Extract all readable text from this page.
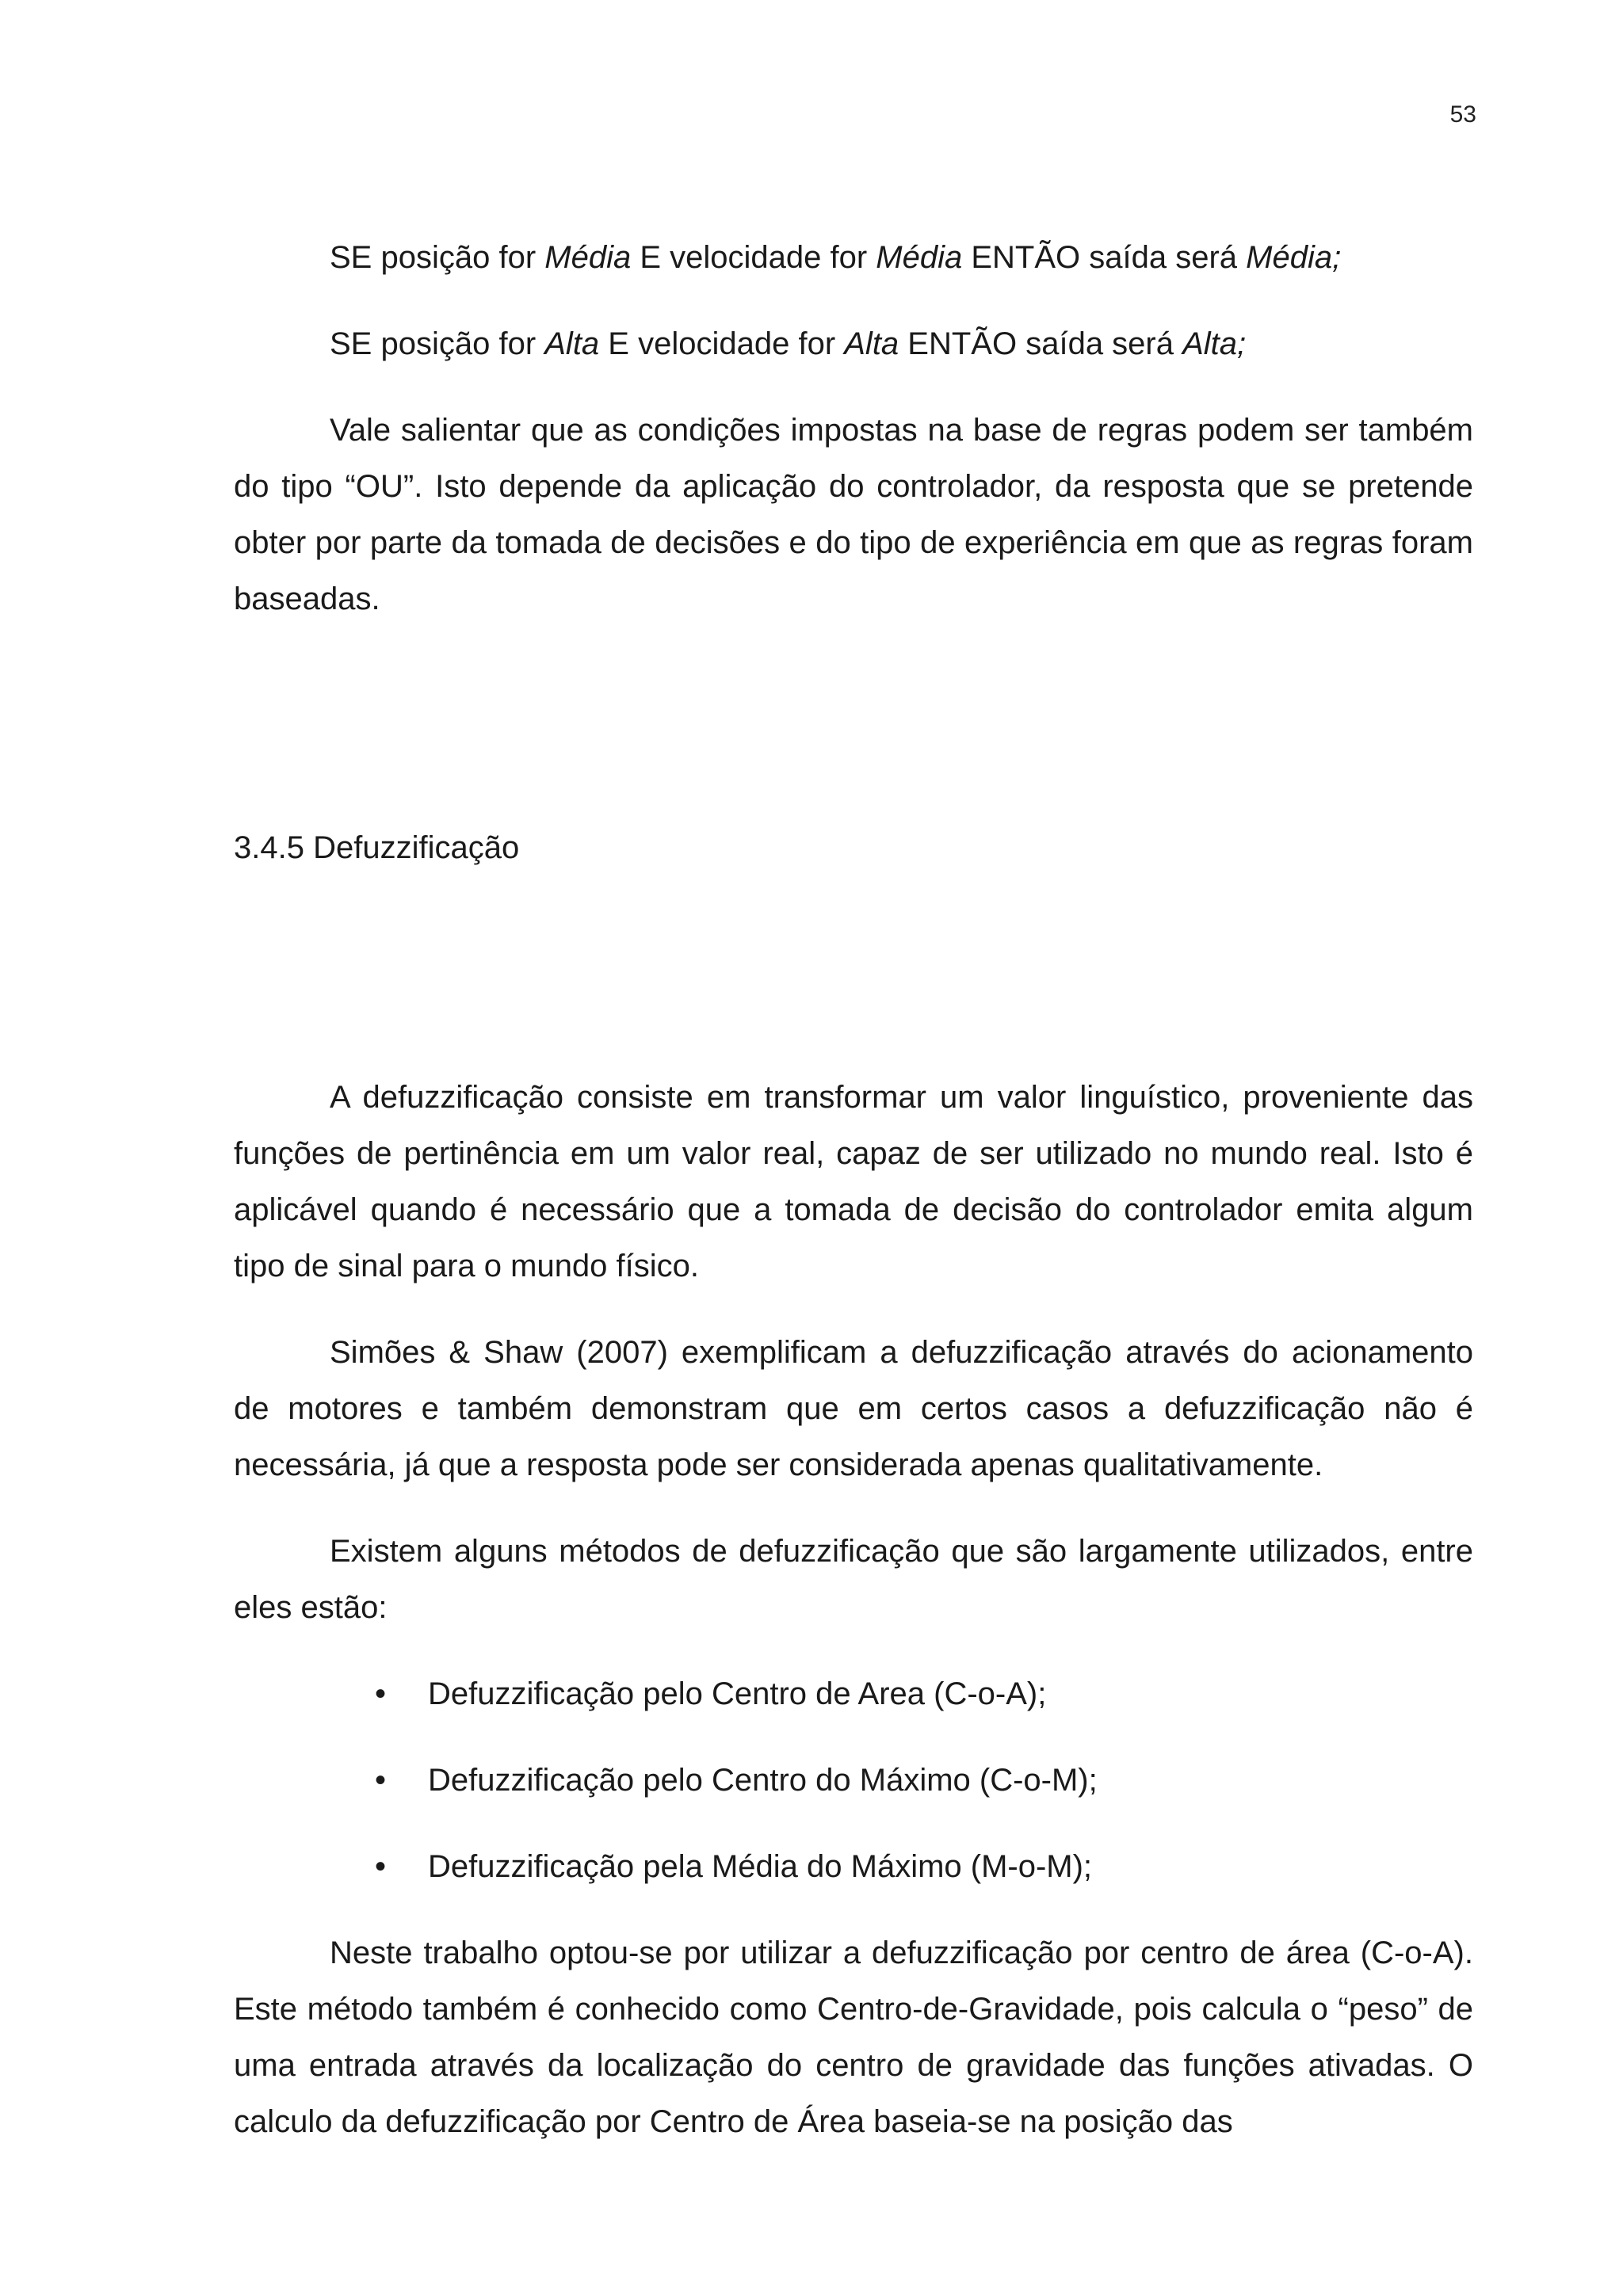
53

SE posição for Média E velocidade for Média ENTÃO saída será Média;

SE posição for Alta E velocidade for Alta ENTÃO saída será Alta;

Vale salientar que as condições impostas na base de regras podem ser também do tipo “OU”. Isto depende da aplicação do controlador, da resposta que se pretende obter por parte da tomada de decisões e do tipo de experiência em que as regras foram baseadas.

3.4.5 Defuzzificação

A defuzzificação consiste em transformar um valor linguístico, proveniente das funções de pertinência em um valor real, capaz de ser utilizado no mundo real. Isto é aplicável quando é necessário que a tomada de decisão do controlador emita algum tipo de sinal para o mundo físico.

Simões & Shaw (2007) exemplificam a defuzzificação através do acionamento de motores e também demonstram que em certos casos a defuzzificação não é necessária, já que a resposta pode ser considerada apenas qualitativamente.

Existem alguns métodos de defuzzificação que são largamente utilizados, entre eles estão:

• Defuzzificação pelo Centro de Area (C-o-A);
• Defuzzificação pelo Centro do Máximo (C-o-M);
• Defuzzificação pela Média do Máximo (M-o-M);

Neste trabalho optou-se por utilizar a defuzzificação por centro de área (C-o-A). Este método também é conhecido como Centro-de-Gravidade, pois calcula o “peso” de uma entrada através da localização do centro de gravidade das funções ativadas. O calculo da defuzzificação por Centro de Área baseia-se na posição das
